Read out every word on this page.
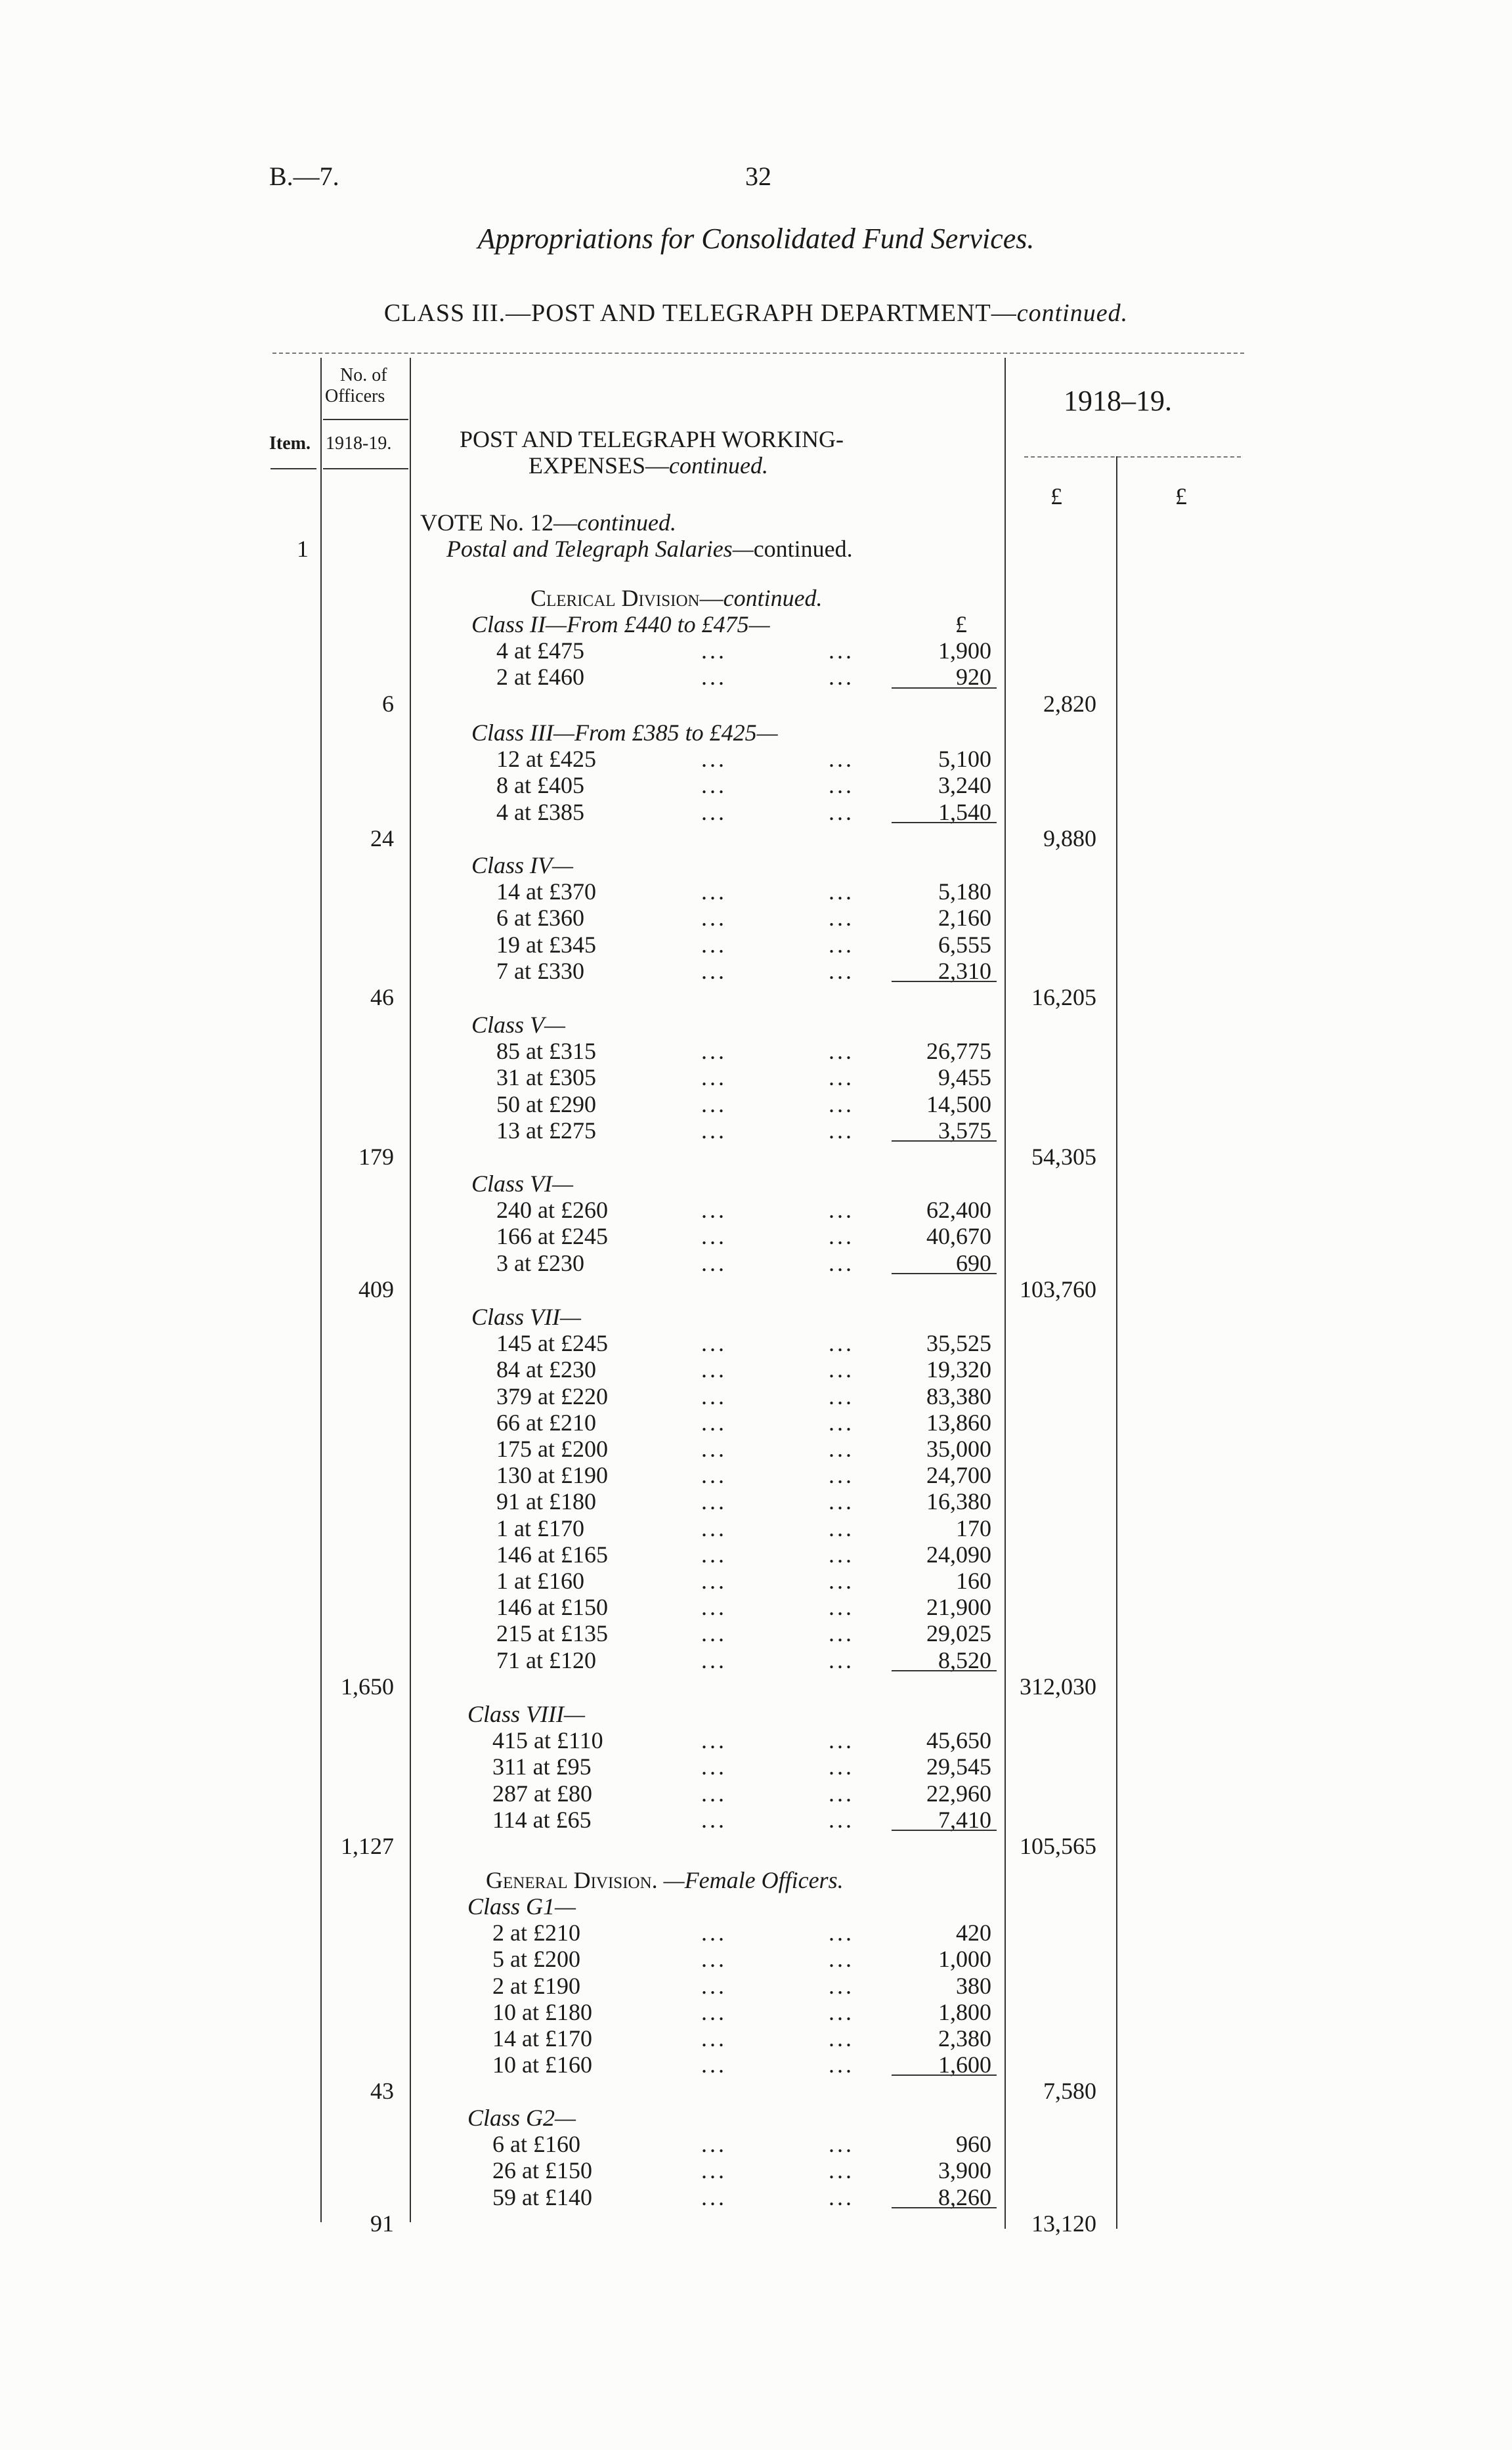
B.—7.	32
Appropriations for Consolidated Fund Services.
CLASS III.—POST AND TELEGRAPH DEPARTMENT—continued.
Item.
No. of
Officers
1918-19.	POST AND TELEGRAPH WORKING-
EXPENSES—continued.
1918–19.
£	£
1
VOTE No. 12—continued.
Postal and Telegraph Salaries—continued.
Clerical Division—continued.
Class II—From £440 to £475—	£
4 at £475	...	...	1,900
2 at £460	...	...	920
6	2,820
Class III—From £385 to £425—
12 at £425	...	...	5,100
8 at £405	...	...	3,240
4 at £385	...	...	1,540
24	9,880
Class IV—
14 at £370	...	...	5,180
6 at £360	...	...	2,160
19 at £345	...	...	6,555
7 at £330	...	...	2,310
46	16,205
Class V—
85 at £315	...	...	26,775
31 at £305	...	...	9,455
50 at £290	...	...	14,500
13 at £275	...	...	3,575
179	54,305
Class VI—
240 at £260	...	...	62,400
166 at £245	...	...	40,670
3 at £230	...	...	690
409	103,760
Class VII—
145 at £245	...	...	35,525
84 at £230	...	...	19,320
379 at £220	...	...	83,380
66 at £210	...	...	13,860
175 at £200	...	...	35,000
130 at £190	...	...	24,700
91 at £180	...	...	16,380
1 at £170	...	...	170
146 at £165	...	...	24,090
1 at £160	...	...	160
146 at £150	...	...	21,900
215 at £135	...	...	29,025
71 at £120	...	...	8,520
1,650	312,030
Class VIII—
415 at £110	...	...	45,650
311 at £95	...	...	29,545
287 at £80	...	...	22,960
114 at £65	...	...	7,410
1,127	105,565
General Division. —Female Officers.
Class G1—
2 at £210	...	...	420
5 at £200	...	...	1,000
2 at £190	...	...	380
10 at £180	...	...	1,800
14 at £170	...	...	2,380
10 at £160	...	...	1,600
43	7,580
Class G2—
6 at £160	...	...	960
26 at £150	...	...	3,900
59 at £140	...	...	8,260
91	13,120
